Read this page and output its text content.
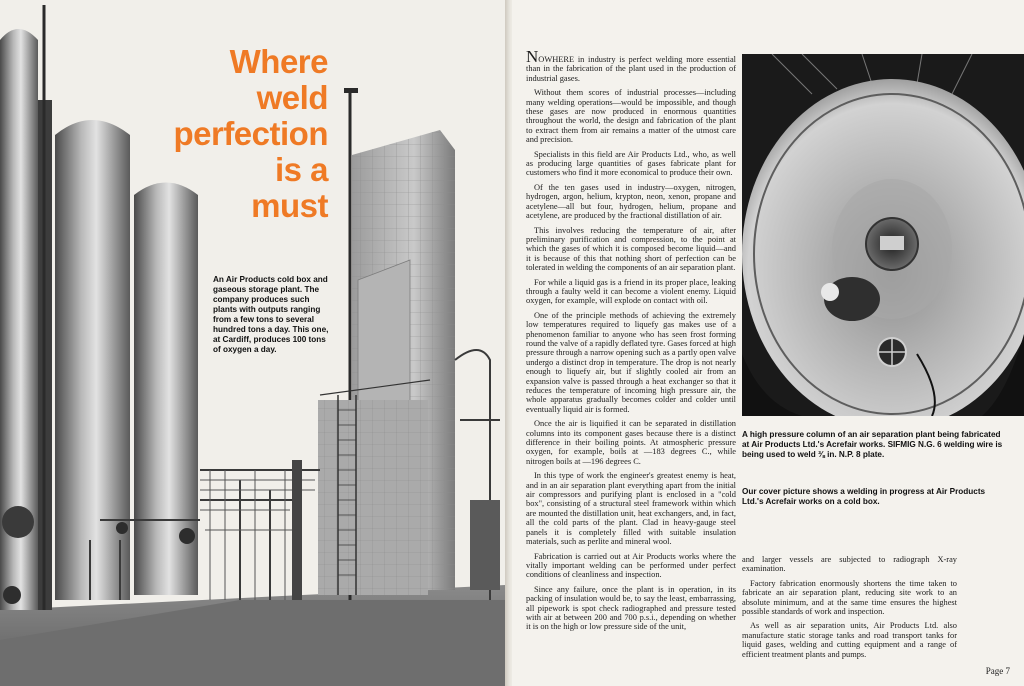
Where
weld
perfection
is a
must
An Air Products cold box and gaseous storage plant. The company produces such plants with outputs ranging from a few tons to several hundred tons a day. This one, at Cardiff, produces 100 tons of oxygen a day.

NOWHERE in industry is perfect welding more essential than in the fabrication of the plant used in the production of industrial gases.

Without them scores of industrial processes—including many welding operations—would be impossible, and though these gases are now produced in enormous quantities throughout the world, the design and fabrication of the plant to extract them from air remains a matter of the utmost care and precision.

Specialists in this field are Air Products Ltd., who, as well as producing large quantities of gases fabricate plant for customers who find it more economical to produce their own.

Of the ten gases used in industry—oxygen, nitrogen, hydrogen, argon, helium, krypton, neon, xenon, propane and acetylene—all but four, hydrogen, helium, propane and acetylene, are produced by the fractional distillation of air.

This involves reducing the temperature of air, after preliminary purification and compression, to the point at which the gases of which it is composed become liquid—and it is because of this that nothing short of perfection can be tolerated in welding the components of an air separation plant.

For while a liquid gas is a friend in its proper place, leaking through a faulty weld it can become a violent enemy. Liquid oxygen, for example, will explode on contact with oil.

One of the principle methods of achieving the extremely low temperatures required to liquefy gas makes use of a phenomenon familiar to anyone who has seen frost forming round the valve of a rapidly deflated tyre. Gases forced at high pressure through a narrow opening such as a partly open valve undergo a distinct drop in temperature. The drop is not nearly enough to liquefy air, but if slightly cooled air from an expansion valve is passed through a heat exchanger so that it reduces the temperature of incoming high pressure air, the whole apparatus gradually becomes colder and colder until eventually liquid air is formed.

Once the air is liquified it can be separated in distillation columns into its component gases because there is a distinct difference in their boiling points. At atmospheric pressure oxygen, for example, boils at —183 degrees C., while nitrogen boils at —196 degrees C.

In this type of work the engineer's greatest enemy is heat, and in an air separation plant everything apart from the initial air compressors and purifying plant is enclosed in a "cold box", consisting of a structural steel framework within which are mounted the distillation unit, heat exchangers, and, in fact, all the cold parts of the plant. Clad in heavy-gauge steel panels it is completely filled with suitable insulation materials, such as perlite and mineral wool.

Fabrication is carried out at Air Products works where the vitally important welding can be performed under perfect conditions of cleanliness and inspection.

Since any failure, once the plant is in operation, in its packing of insulation would be, to say the least, embarrassing, all pipework is spot check radiographed and pressure tested with air at between 200 and 700 p.s.i., depending on whether it is on the high or low pressure side of the unit,

A high pressure column of an air separation plant being fabricated at Air Products Ltd.'s Acrefair works. SIFMIG N.G. 6 welding wire is being used to weld ⅜ in. N.P. 8 plate.
Our cover picture shows a welding in progress at Air Products Ltd.'s Acrefair works on a cold box.

and larger vessels are subjected to radiograph X-ray examination.

Factory fabrication enormously shortens the time taken to fabricate an air separation plant, reducing site work to an absolute minimum, and at the same time ensures the highest possible standards of work and inspection.

As well as air separation units, Air Products Ltd. also manufacture static storage tanks and road transport tanks for liquid gases, welding and cutting equipment and a range of efficient treatment plants and pumps.

Page 7
